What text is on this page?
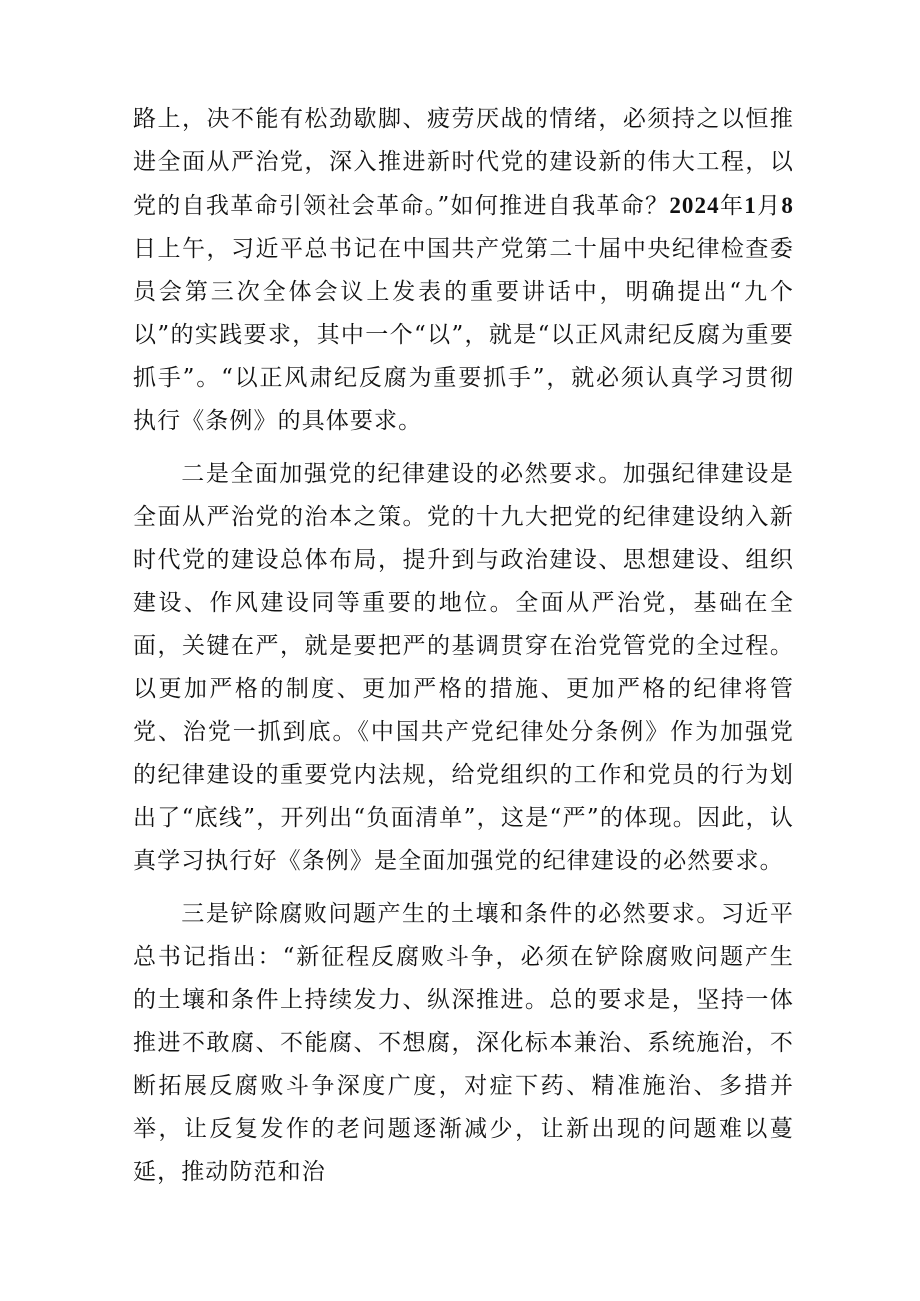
路上，决不能有松劲歇脚、疲劳厌战的情绪，必须持之以恒推进全面从严治党，深入推进新时代党的建设新的伟大工程，以党的自我革命引领社会革命。”如何推进自我革命？2024年1月8日上午，习近平总书记在中国共产党第二十届中央纪律检查委员会第三次全体会议上发表的重要讲话中，明确提出“九个以”的实践要求，其中一个“以”，就是“以正风肃纪反腐为重要抓手”。“以正风肃纪反腐为重要抓手”，就必须认真学习贯彻执行《条例》的具体要求。

二是全面加强党的纪律建设的必然要求。加强纪律建设是全面从严治党的治本之策。党的十九大把党的纪律建设纳入新时代党的建设总体布局，提升到与政治建设、思想建设、组织建设、作风建设同等重要的地位。全面从严治党，基础在全面，关键在严，就是要把严的基调贯穿在治党管党的全过程。以更加严格的制度、更加严格的措施、更加严格的纪律将管党、治党一抓到底。《中国共产党纪律处分条例》作为加强党的纪律建设的重要党内法规，给党组织的工作和党员的行为划出了“底线”，开列出“负面清单”，这是“严”的体现。因此，认真学习执行好《条例》是全面加强党的纪律建设的必然要求。

三是铲除腐败问题产生的土壤和条件的必然要求。习近平总书记指出：“新征程反腐败斗争，必须在铲除腐败问题产生的土壤和条件上持续发力、纵深推进。总的要求是，坚持一体推进不敢腐、不能腐、不想腐，深化标本兼治、系统施治，不断拓展反腐败斗争深度广度，对症下药、精准施治、多措并举，让反复发作的老问题逐渐减少，让新出现的问题难以蔓延，推动防范和治
